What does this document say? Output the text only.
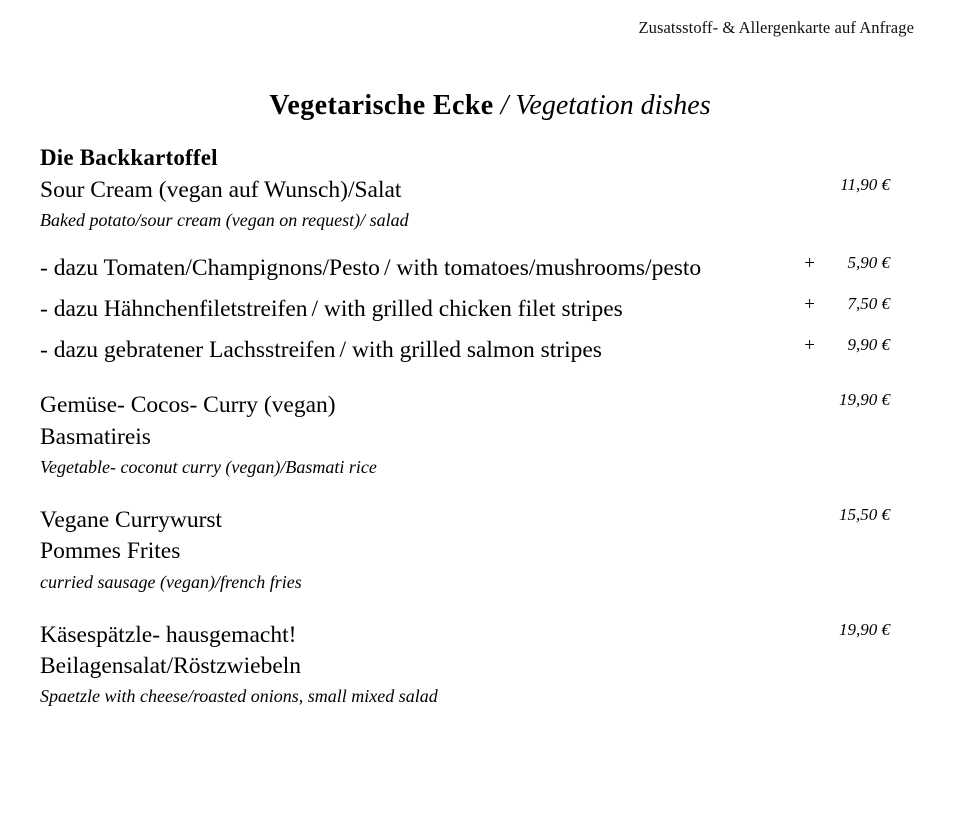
Zusatsstoff- & Allergenkarte auf Anfrage
Vegetarische Ecke / Vegetation dishes
Die Backkartoffel
Sour Cream (vegan auf Wunsch)/Salat	11,90 €
Baked potato/sour cream (vegan on request)/ salad
- dazu Tomaten/Champignons/Pesto / with tomatoes/mushrooms/pesto	+ 5,90 €
- dazu Hähnchenfiletstreifen / with grilled chicken filet stripes	+ 7,50 €
- dazu gebratener Lachsstreifen / with grilled salmon stripes	+ 9,90 €
Gemüse- Cocos- Curry (vegan)	19,90 €
Basmatireis
Vegetable- coconut curry (vegan)/Basmati rice
Vegane Currywurst	15,50 €
Pommes Frites
curried sausage (vegan)/french fries
Käsespätzle- hausgemacht!	19,90 €
Beilagensalat/Röstzwiebeln
Spaetzle with cheese/roasted onions, small mixed salad
